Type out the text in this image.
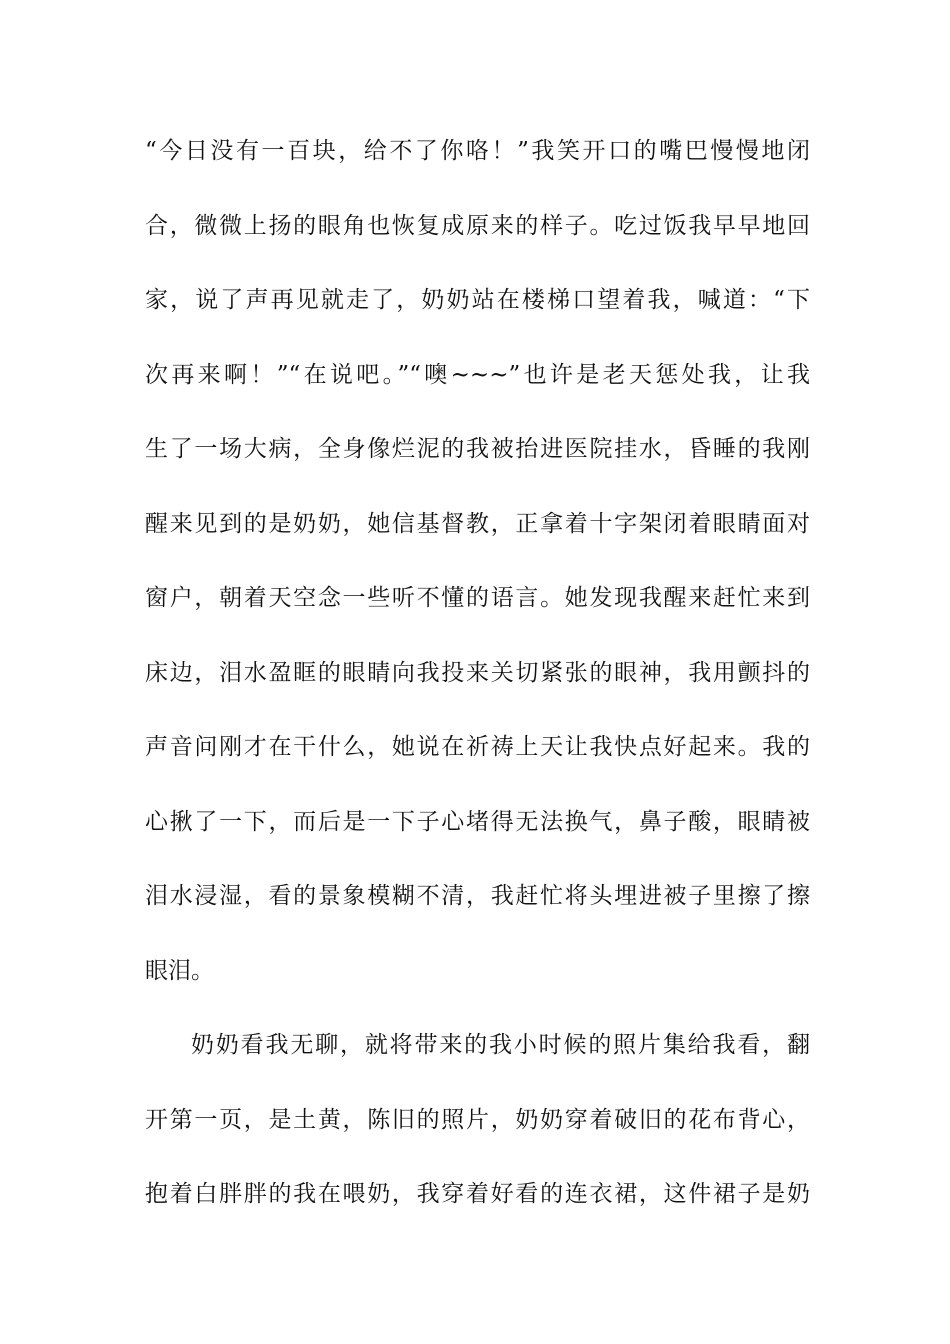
“今日没有一百块，给不了你咯！”我笑开口的嘴巴慢慢地闭
合，微微上扬的眼角也恢复成原来的样子。吃过饭我早早地回
家，说了声再见就走了，奶奶站在楼梯口望着我，喊道：“下
次再来啊！”“在说吧。”“噢~~~”也许是老天惩处我，让我
生了一场大病，全身像烂泥的我被抬进医院挂水，昏睡的我刚
醒来见到的是奶奶，她信基督教，正拿着十字架闭着眼睛面对
窗户，朝着天空念一些听不懂的语言。她发现我醒来赶忙来到
床边，泪水盈眶的眼睛向我投来关切紧张的眼神，我用颤抖的
声音问刚才在干什么，她说在祈祷上天让我快点好起来。我的
心揪了一下，而后是一下子心堵得无法换气，鼻子酸，眼睛被
泪水浸湿，看的景象模糊不清，我赶忙将头埋进被子里擦了擦
眼泪。
奶奶看我无聊，就将带来的我小时候的照片集给我看，翻
开第一页，是土黄，陈旧的照片，奶奶穿着破旧的花布背心，
抱着白胖胖的我在喂奶，我穿着好看的连衣裙，这件裙子是奶
